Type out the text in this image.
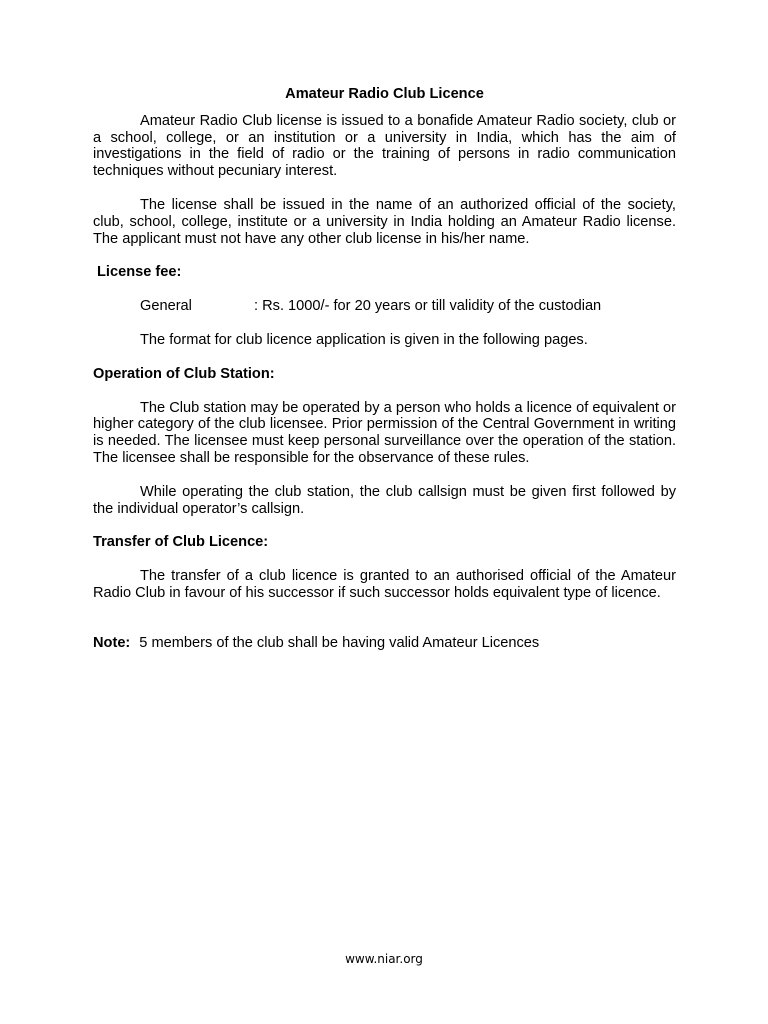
Amateur Radio Club Licence

Amateur Radio Club license is issued to a bonafide Amateur Radio society, club or a school, college, or an institution or a university in India, which has the aim of investigations in the field of radio or the training of persons in radio communication techniques without pecuniary interest.

The license shall be issued in the name of an authorized official of the society, club, school, college, institute or a university in India holding an Amateur Radio license. The applicant must not have any other club license in his/her name.

License fee:
General	: Rs. 1000/- for 20 years or till validity of the custodian
The format for club licence application is given in the following pages.
Operation of Club Station:

The Club station may be operated by a person who holds a licence of equivalent or higher category of the club licensee. Prior permission of the Central Government in writing is needed. The licensee must keep personal surveillance over the operation of the station. The licensee shall be responsible for the observance of these rules.

While operating the club station, the club callsign must be given first followed by the individual operator’s callsign.

Transfer of Club Licence:

The transfer of a club licence is granted to an authorised official of the Amateur Radio Club in favour of his successor if such successor holds equivalent type of licence.

Note: 5 members of the club shall be having valid Amateur Licences
www.niar.org
